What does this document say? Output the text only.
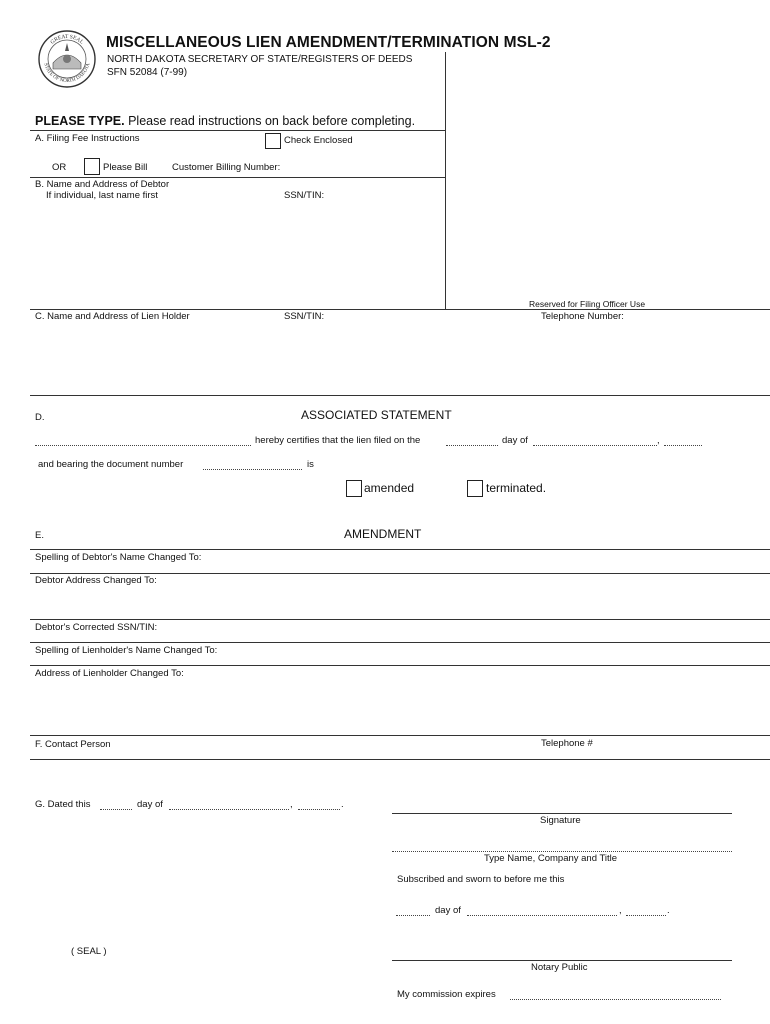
GREAT SEAL
STATE OF NORTH DAKOTA
MISCELLANEOUS LIEN AMENDMENT/TERMINATION MSL-2
NORTH DAKOTA SECRETARY OF STATE/REGISTERS OF DEEDS
SFN 52084 (7-99)
PLEASE TYPE. Please read instructions on back before completing.
A. Filing Fee Instructions	Check Enclosed
OR	Please Bill	Customer Billing Number:
B. Name and Address of Debtor
If individual, last name first	SSN/TIN:
Reserved for Filing Officer Use
C. Name and Address of Lien Holder	SSN/TIN:	Telephone Number:
D.	ASSOCIATED STATEMENT
hereby certifies that the lien filed on the	day of	,
and bearing the document number	is
amended	terminated.
E.	AMENDMENT
Spelling of Debtor's Name Changed To:
Debtor Address Changed To:
Debtor's Corrected SSN/TIN:
Spelling of Lienholder's Name Changed To:
Address of Lienholder Changed To:
F. Contact Person	Telephone #
G. Dated this	day of	,	.
Signature
Type Name, Company and Title
Subscribed and sworn to before me this
day of	,	.
( SEAL )
Notary Public
My commission expires
